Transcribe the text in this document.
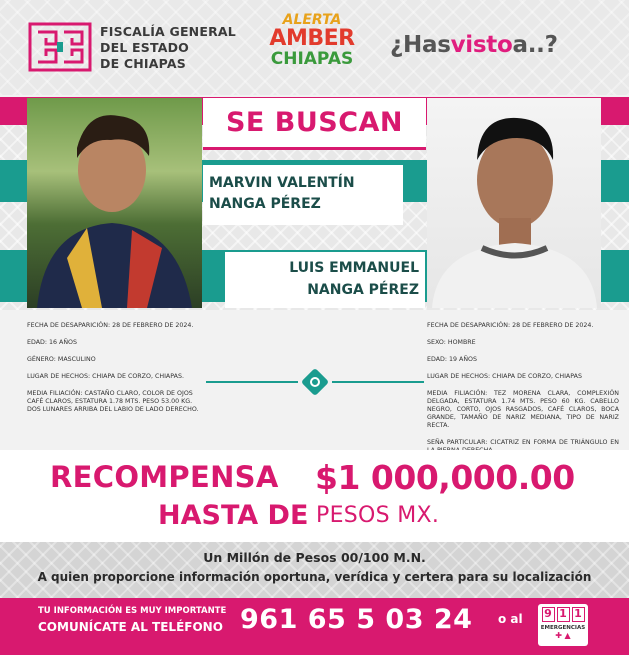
FISCALÍA GENERAL
DEL ESTADO
DE CHIAPAS
ALERTA
AMBER
CHIAPAS
¿Hasvistoa..?
SE BUSCAN
MARVIN VALENTÍN
NANGA PÉREZ
LUIS EMMANUEL
NANGA PÉREZ

FECHA DE DESAPARICIÓN: 28 DE FEBRERO DE 2024.

EDAD: 16 AÑOS

GÉNERO: MASCULINO

LUGAR DE HECHOS: CHIAPA DE CORZO, CHIAPAS.

MEDIA FILIACIÓN: CASTAÑO CLARO, COLOR DE OJOS CAFÉ CLAROS, ESTATURA 1.78 MTS. PESO 53.00 KG. DOS LUNARES ARRIBA DEL LABIO DE LADO DERECHO.

FECHA DE DESAPARICIÓN: 28 DE FEBRERO DE 2024.

SEXO: HOMBRE

EDAD: 19 AÑOS

LUGAR DE HECHOS: CHIAPA DE CORZO, CHIAPAS

MEDIA FILIACIÓN: TEZ MORENA CLARA, COMPLEXIÓN DELGADA, ESTATURA 1.74 MTS. PESO 60 KG. CABELLO NEGRO, CORTO, OJOS RASGADOS, CAFÉ CLAROS, BOCA GRANDE, TAMAÑO DE NARIZ MEDIANA, TIPO DE NARIZ RECTA.

SEÑA PARTICULAR: CICATRIZ EN FORMA DE TRIÁNGULO EN

RECOMPENSA
HASTA DE
$1 000,000.00
PESOS MX.
Un Millón de Pesos 00/100 M.N.
A quien proporcione información oportuna, verídica y certera para su localización
TU INFORMACIÓN ES MUY IMPORTANTE
COMUNÍCATE AL TELÉFONO 961 65 5 03 24 o al 9 1 1
EMERGENCIAS
✚ ▲
